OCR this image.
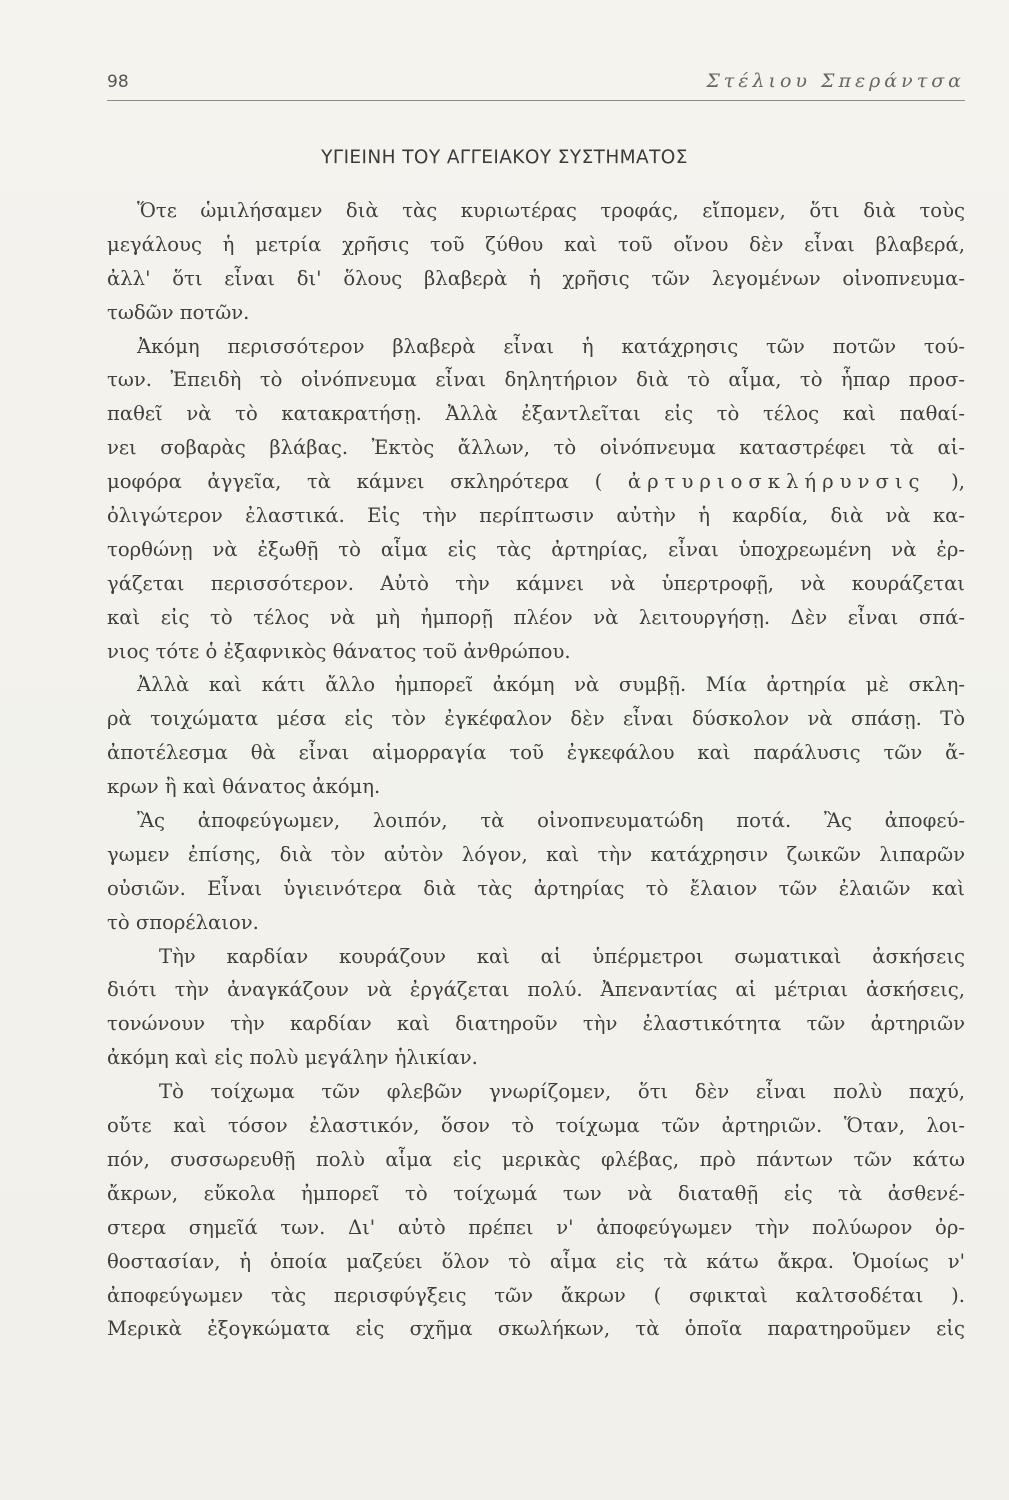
98	Στέλιου Σπεράντσα
ΥΓΙΕΙΝΗ ΤΟΥ ΑΓΓΕΙΑΚΟΥ ΣΥΣΤΗΜΑΤΟΣ
Ὅτε ὡμιλήσαμεν διὰ τὰς κυριωτέρας τροφάς, εἴπομεν, ὅτι διὰ τοὺς
μεγάλους ἡ μετρία χρῆσις τοῦ ζύθου καὶ τοῦ οἴνου δὲν εἶναι βλαβερά,
ἀλλ' ὅτι εἶναι δι' ὅλους βλαβερὰ ἡ χρῆσις τῶν λεγομένων οἰνοπνευμα-
τωδῶν ποτῶν.
Ἀκόμη περισσότερον βλαβερὰ εἶναι ἡ κατάχρησις τῶν ποτῶν τού-
των. Ἐπειδὴ τὸ οἰνόπνευμα εἶναι δηλητήριον διὰ τὸ αἷμα, τὸ ἧπαρ προσ-
παθεῖ νὰ τὸ κατακρατήσῃ. Ἀλλὰ ἐξαντλεῖται εἰς τὸ τέλος καὶ παθαί-
νει σοβαρὰς βλάβας. Ἐκτὸς ἄλλων, τὸ οἰνόπνευμα καταστρέφει τὰ αἱ-
μοφόρα ἀγγεῖα, τὰ κάμνει σκληρότερα ( ἀρτυριοσκλήρυνσις ),
ὀλιγώτερον ἐλαστικά. Εἰς τὴν περίπτωσιν αὐτὴν ἡ καρδία, διὰ νὰ κα-
τορθώνῃ νὰ ἐξωθῇ τὸ αἷμα εἰς τὰς ἀρτηρίας, εἶναι ὑποχρεωμένη νὰ ἐρ-
γάζεται περισσότερον. Αὐτὸ τὴν κάμνει νὰ ὑπερτροφῇ, νὰ κουράζεται
καὶ εἰς τὸ τέλος νὰ μὴ ἠμπορῇ πλέον νὰ λειτουργήσῃ. Δὲν εἶναι σπά-
νιος τότε ὁ ἐξαφνικὸς θάνατος τοῦ ἀνθρώπου.
Ἀλλὰ καὶ κάτι ἄλλο ἠμπορεῖ ἀκόμη νὰ συμβῇ. Μία ἀρτηρία μὲ σκλη-
ρὰ τοιχώματα μέσα εἰς τὸν ἐγκέφαλον δὲν εἶναι δύσκολον νὰ σπάσῃ. Τὸ
ἀποτέλεσμα θὰ εἶναι αἱμορραγία τοῦ ἐγκεφάλου καὶ παράλυσις τῶν ἄ-
κρων ἢ καὶ θάνατος ἀκόμη.
Ἂς ἀποφεύγωμεν, λοιπόν, τὰ οἰνοπνευματώδη ποτά. Ἂς ἀποφεύ-
γωμεν ἐπίσης, διὰ τὸν αὐτὸν λόγον, καὶ τὴν κατάχρησιν ζωικῶν λιπαρῶν
οὐσιῶν. Εἶναι ὑγιεινότερα διὰ τὰς ἀρτηρίας τὸ ἔλαιον τῶν ἐλαιῶν καὶ
τὸ σπορέλαιον.
Τὴν καρδίαν κουράζουν καὶ αἱ ὑπέρμετροι σωματικαὶ ἀσκήσεις
διότι τὴν ἀναγκάζουν νὰ ἐργάζεται πολύ. Ἀπεναντίας αἱ μέτριαι ἀσκήσεις,
τονώνουν τὴν καρδίαν καὶ διατηροῦν τὴν ἐλαστικότητα τῶν ἀρτηριῶν
ἀκόμη καὶ εἰς πολὺ μεγάλην ἡλικίαν.
Τὸ τοίχωμα τῶν φλεβῶν γνωρίζομεν, ὅτι δὲν εἶναι πολὺ παχύ,
οὔτε καὶ τόσον ἐλαστικόν, ὅσον τὸ τοίχωμα τῶν ἀρτηριῶν. Ὅταν, λοι-
πόν, συσσωρευθῇ πολὺ αἷμα εἰς μερικὰς φλέβας, πρὸ πάντων τῶν κάτω
ἄκρων, εὔκολα ἠμπορεῖ τὸ τοίχωμά των νὰ διαταθῇ εἰς τὰ ἀσθενέ-
στερα σημεῖά των. Δι' αὐτὸ πρέπει ν' ἀποφεύγωμεν τὴν πολύωρον ὀρ-
θοστασίαν, ἡ ὁποία μαζεύει ὅλον τὸ αἷμα εἰς τὰ κάτω ἄκρα. Ὁμοίως ν'
ἀποφεύγωμεν τὰς περισφύγξεις τῶν ἄκρων ( σφικταὶ καλτσοδέται ).
Μερικὰ ἐξογκώματα εἰς σχῆμα σκωλήκων, τὰ ὁποῖα παρατηροῦμεν εἰς
